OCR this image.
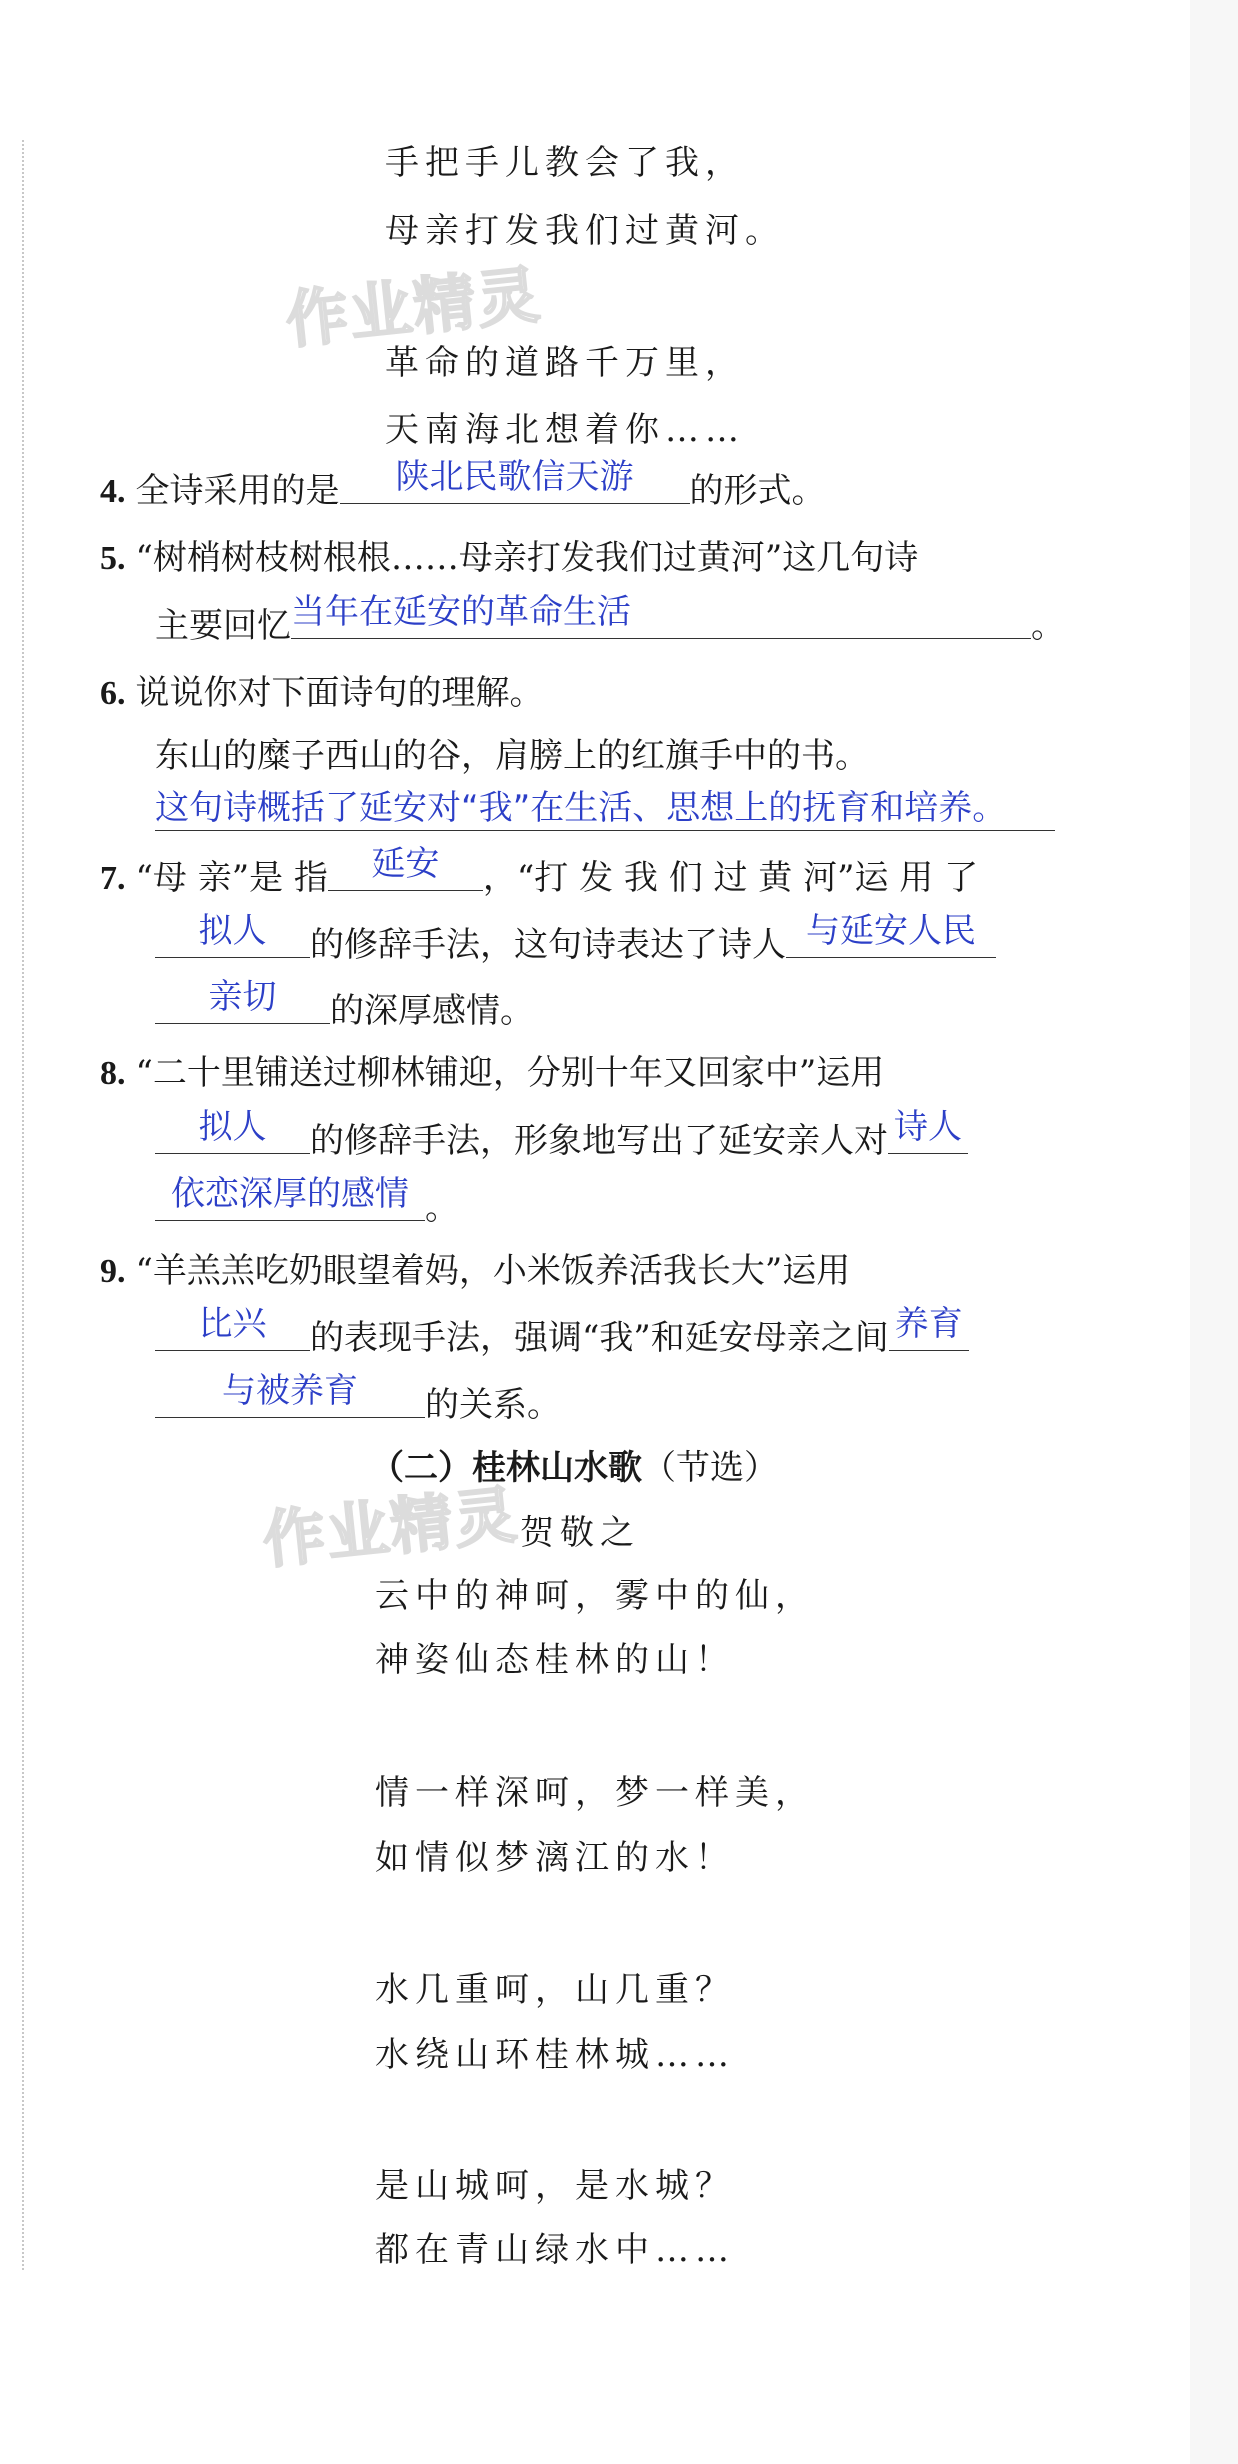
作业精灵
作业精灵
手把手儿教会了我，
母亲打发我们过黄河。
革命的道路千万里，
天南海北想着你……
4. 全诗采用的是 陕北民歌信天游 的形式。
5. “树梢树枝树根根……母亲打发我们过黄河”这几句诗
主要回忆当年在延安的革命生活	。
6. 说说你对下面诗句的理解。
东山的糜子西山的谷，肩膀上的红旗手中的书。
这句诗概括了延安对“我”在生活、思想上的抚育和培养。
7. “母 亲”是 指 延安 ，“打 发 我 们 过 黄 河”运 用 了
拟人 的修辞手法，这句诗表达了诗人 与延安人民
亲切 的深厚感情。
8. “二十里铺送过柳林铺迎，分别十年又回家中”运用
拟人 的修辞手法，形象地写出了延安亲人对 诗人
依恋深厚的感情 。
9. “羊羔羔吃奶眼望着妈，小米饭养活我长大”运用
比兴 的表现手法，强调“我”和延安母亲之间 养育
与被养育 的关系。
（二）桂林山水歌（节选）
贺敬之
云中的神呵，雾中的仙，
神姿仙态桂林的山！
情一样深呵，梦一样美，
如情似梦漓江的水！
水几重呵，山几重？
水绕山环桂林城……
是山城呵，是水城？
都在青山绿水中……
